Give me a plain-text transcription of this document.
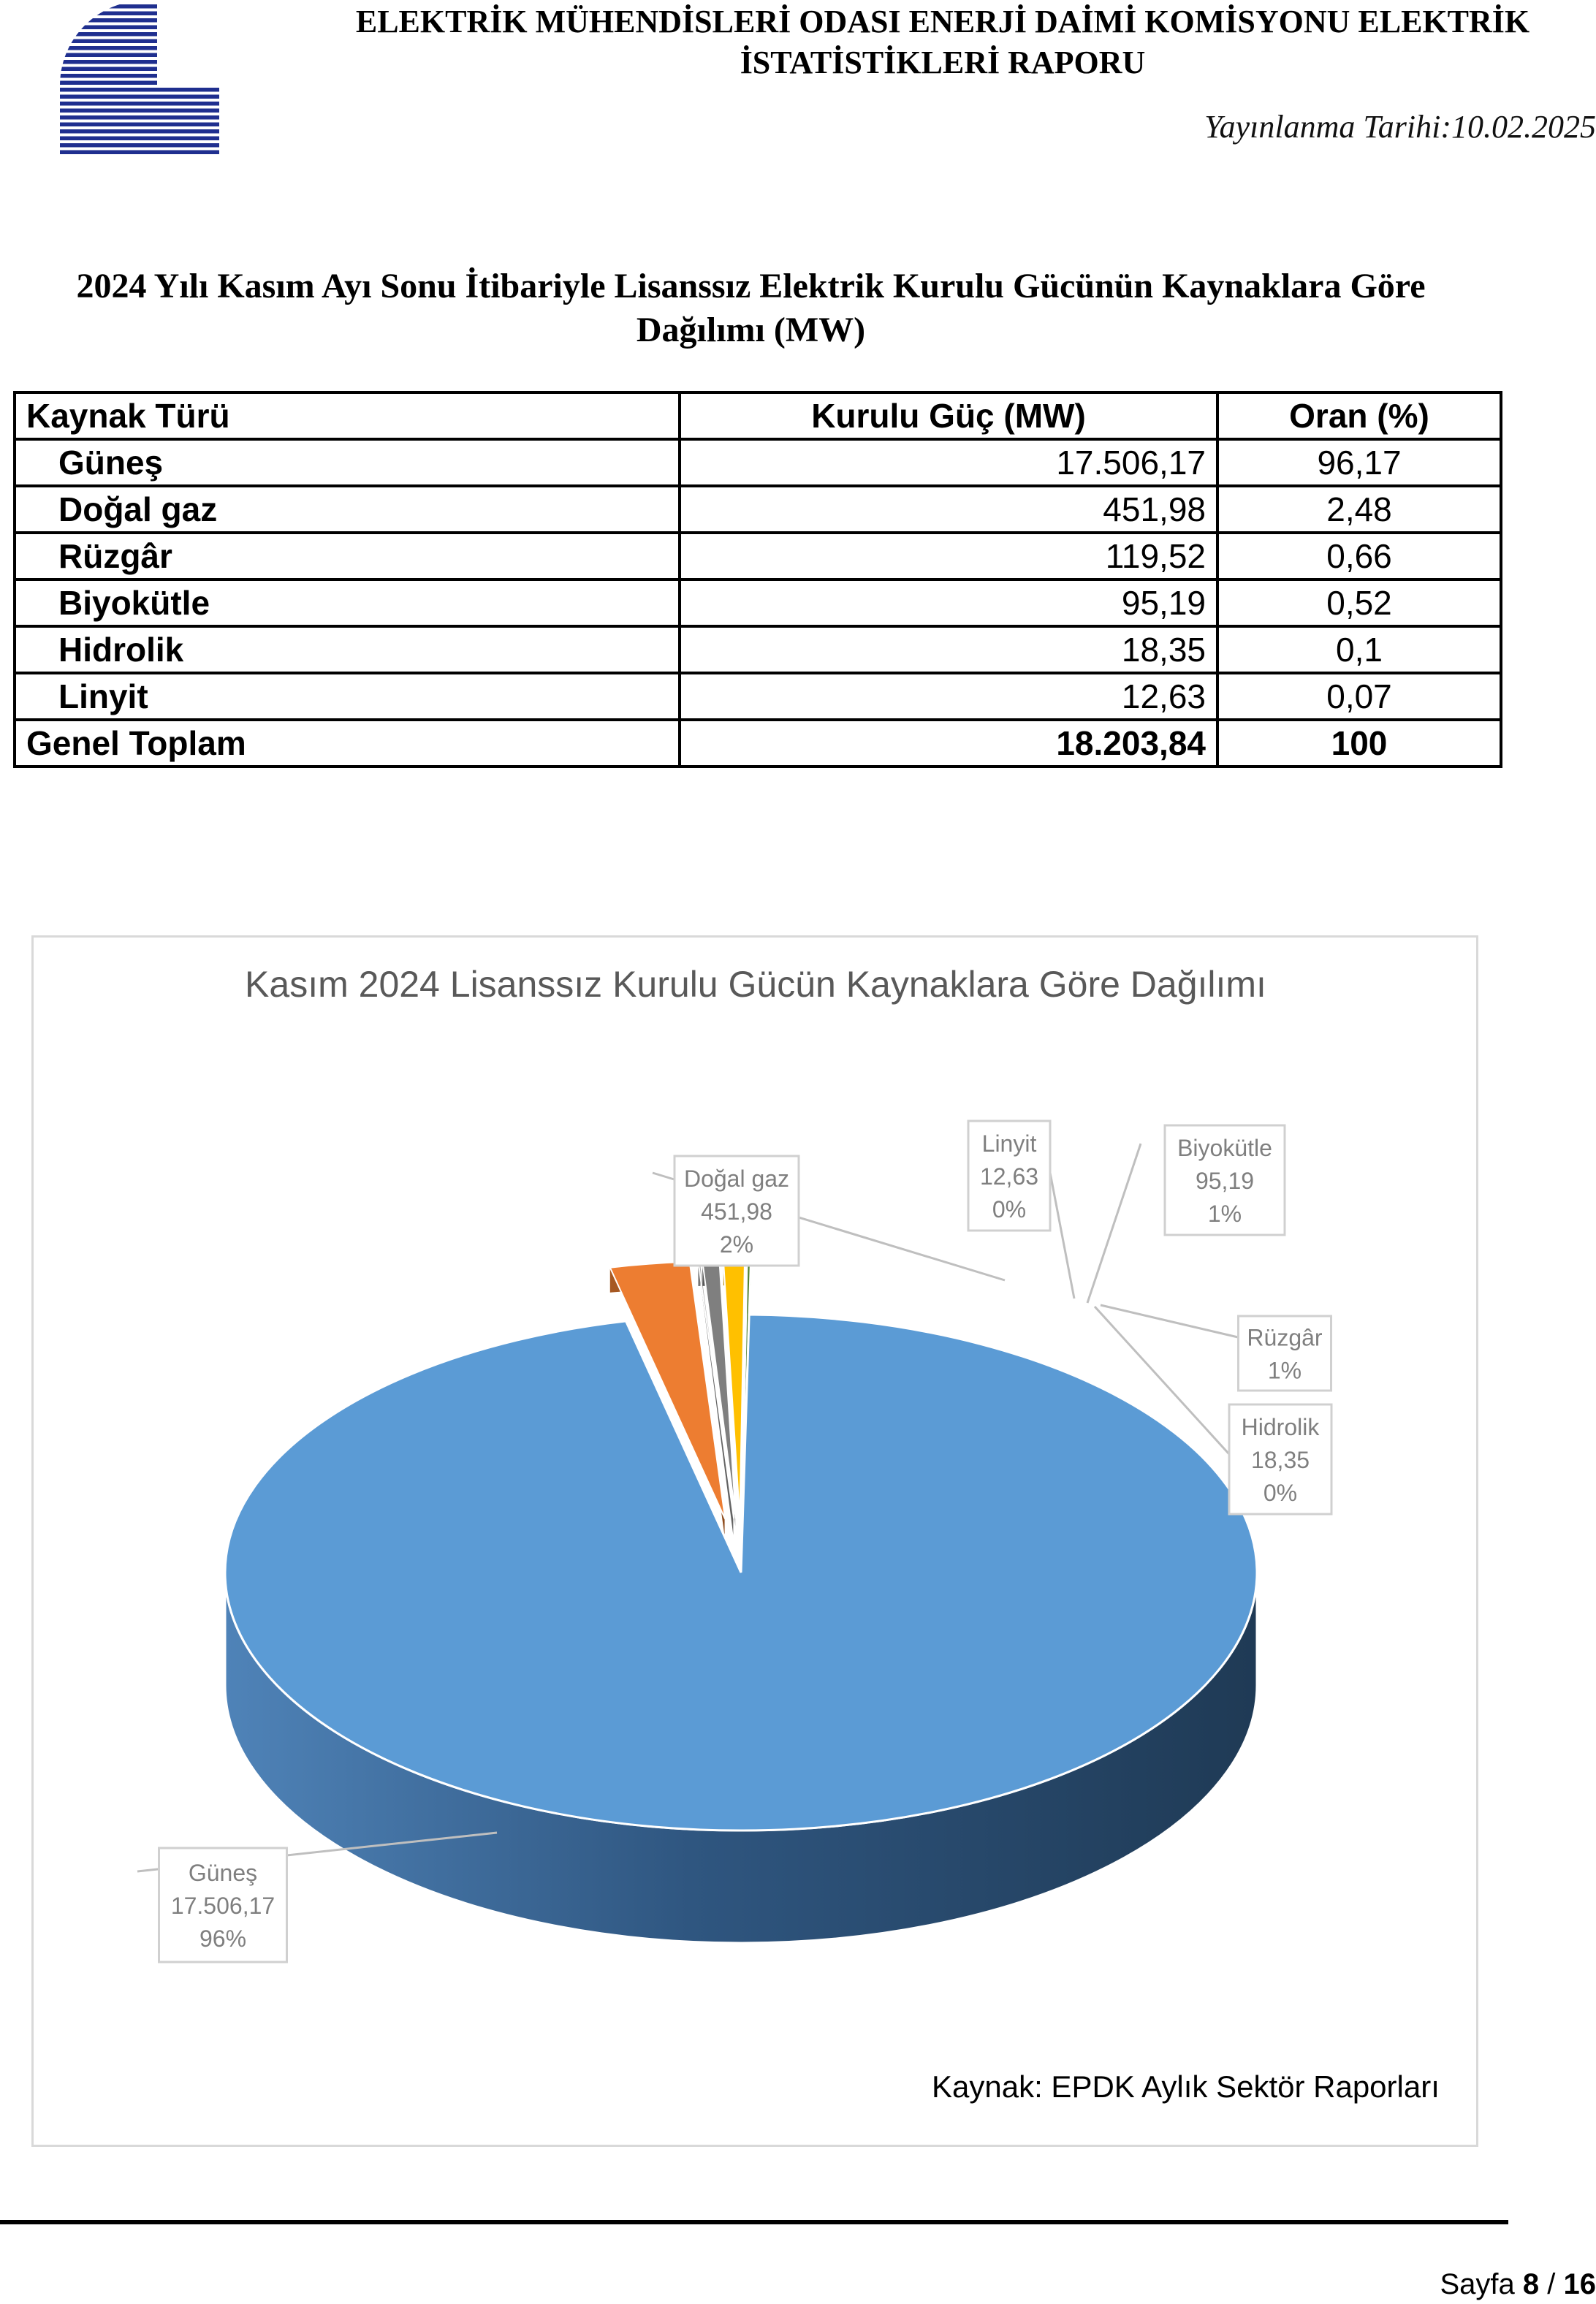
ELEKTRİK MÜHENDİSLERİ ODASI ENERJİ DAİMİ KOMİSYONU ELEKTRİK
İSTATİSTİKLERİ RAPORU
Yayınlanma Tarihi:10.02.2025
2024 Yılı Kasım Ayı Sonu İtibariyle Lisanssız Elektrik Kurulu Gücünün Kaynaklara Göre
Dağılımı (MW)
Kaynak Türü	Kurulu Güç (MW)	Oran (%)
Güneş	17.506,17	96,17
Doğal gaz	451,98	2,48
Rüzgâr	119,52	0,66
Biyokütle	95,19	0,52
Hidrolik	18,35	0,1
Linyit	12,63	0,07
Genel Toplam	18.203,84	100
Kasım 2024 Lisanssız Kurulu Gücün Kaynaklara Göre Dağılımı
Güneş
17.506,17
96%
Doğal gaz
451,98
2%
Linyit
12,63
0%
Biyokütle
95,19
1%
Rüzgâr
1%
Hidrolik
18,35
0%
Kaynak: EPDK Aylık Sektör Raporları
Sayfa 8 / 16
